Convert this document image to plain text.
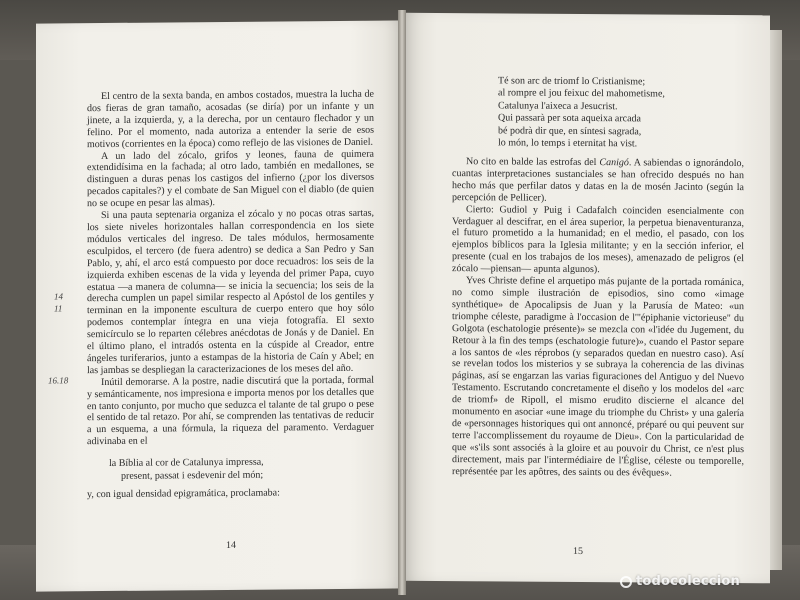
El centro de la sexta banda, en ambos costados, muestra la lucha de dos fieras de gran tamaño, acosadas (se diría) por un infante y un jinete, a la izquierda, y, a la derecha, por un centauro flechador y un felino. Por el momento, nada autoriza a entender la serie de esos motivos (corrientes en la época) como reflejo de las visiones de Daniel.

A un lado del zócalo, grifos y leones, fauna de quimera extendidísima en la fachada; al otro lado, también en medallones, se distinguen a duras penas los castigos del infierno (¿por los diversos pecados capitales?) y el combate de San Miguel con el diablo (de quien no se ocupe en pesar las almas).

Si una pauta septenaria organiza el zócalo y no pocas otras sartas, los siete niveles horizontales hallan correspondencia en los siete módulos verticales del ingreso. De tales módulos, hermosamente esculpidos, el tercero (de fuera adentro) se dedica a San Pedro y San Pablo, y, ahí, el arco está compuesto por doce recuadros: los seis de la izquierda exhiben escenas de la vida y leyenda del primer Papa, cuyo estatua —a manera de columna— se inicia la secuencia; los seis de la derecha cumplen un papel similar respecto al Apóstol de los gentiles y terminan en la imponente escultura de cuerpo entero que hoy sólo podemos contemplar íntegra en una vieja fotografía. El sexto semicírculo se lo reparten célebres anécdotas de Jonás y de Daniel. En el último plano, el intradós ostenta en la cúspide al Creador, entre ángeles turiferarios, junto a estampas de la historia de Caín y Abel; en las jambas se despliegan la caracterizaciones de los meses del año.

Inútil demorarse. A la postre, nadie discutirá que la portada, formal y semánticamente, nos impresiona e importa menos por los detalles que en tanto conjunto, por mucho que seduzca el talante de tal grupo o pese el sentido de tal retazo. Por ahí, se comprenden las tentativas de reducir a un esquema, a una fórmula, la riqueza del paramento. Verdaguer adivinaba en el

la Bíblia al cor de Catalunya impressa,
present, passat i esdevenir del món;

y, con igual densidad epigramática, proclamaba:

14
11
16.18
14
Té son arc de triomf lo Cristianisme;
al rompre el jou feixuc del mahometisme,
Catalunya l'aixeca a Jesucrist.
Qui passarà per sota aqueixa arcada
bé podrà dir que, en síntesi sagrada,
lo món, lo temps i eternitat ha vist.

No cito en balde las estrofas del Canigó. A sabiendas o ignorándolo, cuantas interpretaciones sustanciales se han ofrecido después no han hecho más que perfilar datos y datas en la de mosén Jacinto (según la percepción de Pellicer).

Cierto: Gudiol y Puig i Cadafalch coinciden esencialmente con Verdaguer al descifrar, en el área superior, la perpetua bienaventuranza, el futuro prometido a la humanidad; en el medio, el pasado, con los ejemplos bíblicos para la Iglesia militante; y en la sección inferior, el presente (cual en los trabajos de los meses), amenazado de peligros (el zócalo —piensan— apunta algunos).

Yves Christe define el arquetipo más pujante de la portada románica, no como simple ilustración de episodios, sino como «image synthétique» de Apocalipsis de Juan y la Parusía de Mateo: «un triomphe céleste, paradigme à l'occasion de l'"épiphanie victorieuse" du Golgota (eschatologie présente)» se mezcla con «l'idée du Jugement, du Retour à la fin des temps (eschatologie future)», cuando el Pastor separe a los santos de «les réprobos (y separados quedan en nuestro caso). Así se revelan todos los misterios y se subraya la coherencia de las divinas páginas, así se engarzan las varias figuraciones del Antiguo y del Nuevo Testamento. Escrutando concretamente el diseño y los modelos del «arc de triomf» de Ripoll, el mismo erudito discierne el alcance del monumento en asociar «une image du triomphe du Christ» y una galería de «personnages historiques qui ont annoncé, préparé ou qui peuvent sur terre l'accomplissement du royaume de Dieu». Con la particularidad de que «s'ils sont associés à la gloire et au pouvoir du Christ, ce n'est plus directement, mais par l'intermédiaire de l'Église, céleste ou temporelle, représentée par les apôtres, des saints ou des évêques».

15
todocoleccion
